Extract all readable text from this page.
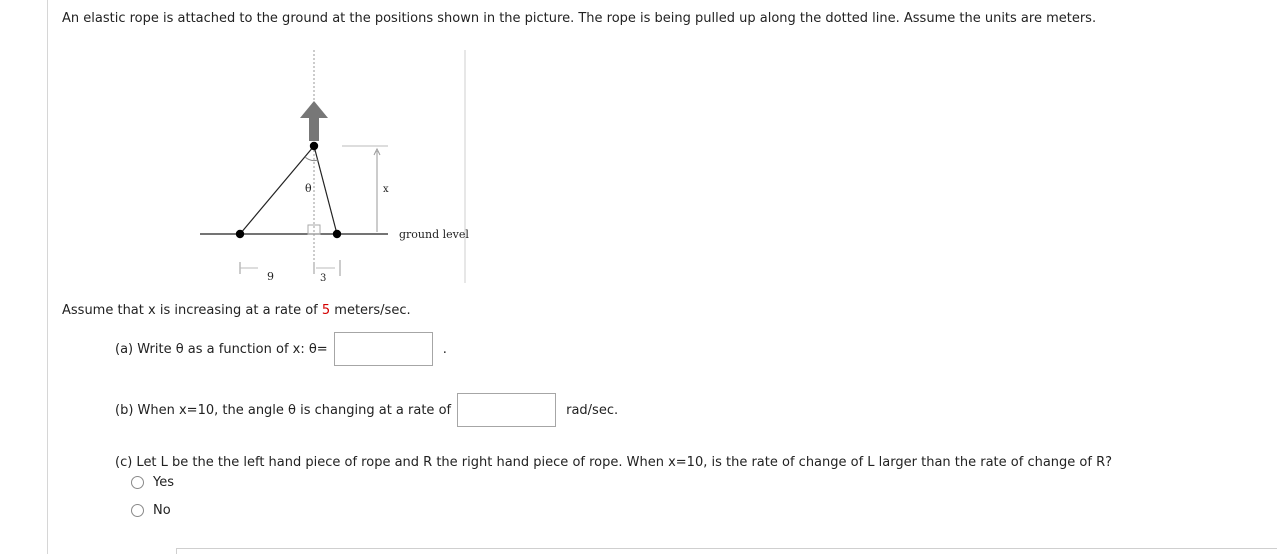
An elastic rope is attached to the ground at the positions shown in the picture. The rope is being pulled up along the dotted line. Assume the units are meters.
θ	x
ground level
9	3
Assume that x is increasing at a rate of 5 meters/sec.
(a) Write θ as a function of x: θ=	.
(b) When x=10, the angle θ is changing at a rate of	rad/sec.
(c) Let L be the the left hand piece of rope and R the right hand piece of rope. When x=10, is the rate of change of L larger than the rate of change of R?
Yes
No
